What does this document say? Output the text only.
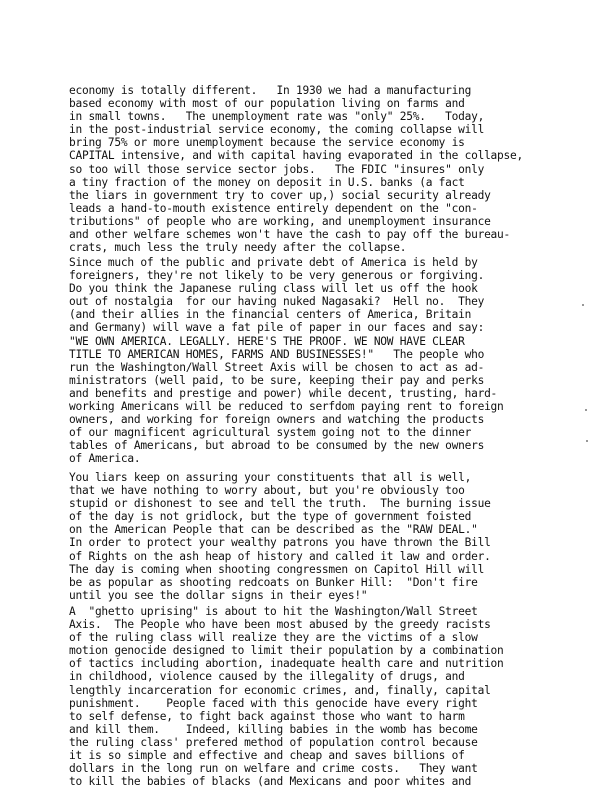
economy is totally different.   In 1930 we had a manufacturing
based economy with most of our population living on farms and
in small towns.   The unemployment rate was "only" 25%.   Today,
in the post-industrial service economy, the coming collapse will
bring 75% or more unemployment because the service economy is
CAPITAL intensive, and with capital having evaporated in the collapse,
so too will those service sector jobs.   The FDIC "insures" only
a tiny fraction of the money on deposit in U.S. banks (a fact
the liars in government try to cover up,) social security already
leads a hand-to-mouth existence entirely dependent on the "con-
tributions" of people who are working, and unemployment insurance
and other welfare schemes won't have the cash to pay off the bureau-
crats, much less the truly needy after the collapse.
Since much of the public and private debt of America is held by
foreigners, they're not likely to be very generous or forgiving.
Do you think the Japanese ruling class will let us off the hook
out of nostalgia  for our having nuked Nagasaki?  Hell no.  They
(and their allies in the financial centers of America, Britain
and Germany) will wave a fat pile of paper in our faces and say:
"WE OWN AMERICA. LEGALLY. HERE'S THE PROOF. WE NOW HAVE CLEAR
TITLE TO AMERICAN HOMES, FARMS AND BUSINESSES!"   The people who
run the Washington/Wall Street Axis will be chosen to act as ad-
ministrators (well paid, to be sure, keeping their pay and perks
and benefits and prestige and power) while decent, trusting, hard-
working Americans will be reduced to serfdom paying rent to foreign
owners, and working for foreign owners and watching the products
of our magnificent agricultural system going not to the dinner
tables of Americans, but abroad to be consumed by the new owners
of America.
You liars keep on assuring your constituents that all is well,
that we have nothing to worry about, but you're obviously too
stupid or dishonest to see and tell the truth.  The burning issue
of the day is not gridlock, but the type of government foisted
on the American People that can be described as the "RAW DEAL."
In order to protect your wealthy patrons you have thrown the Bill
of Rights on the ash heap of history and called it law and order.
The day is coming when shooting congressmen on Capitol Hill will
be as popular as shooting redcoats on Bunker Hill:  "Don't fire
until you see the dollar signs in their eyes!"
A  "ghetto uprising" is about to hit the Washington/Wall Street
Axis.  The People who have been most abused by the greedy racists
of the ruling class will realize they are the victims of a slow
motion genocide designed to limit their population by a combination
of tactics including abortion, inadequate health care and nutrition
in childhood, violence caused by the illegality of drugs, and
lengthly incarceration for economic crimes, and, finally, capital
punishment.    People faced with this genocide have every right
to self defense, to fight back against those who want to harm
and kill them.    Indeed, killing babies in the womb has become
the ruling class' prefered method of population control because
it is so simple and effective and cheap and saves billions of
dollars in the long run on welfare and crime costs.   They want
to kill the babies of blacks (and Mexicans and poor whites and
